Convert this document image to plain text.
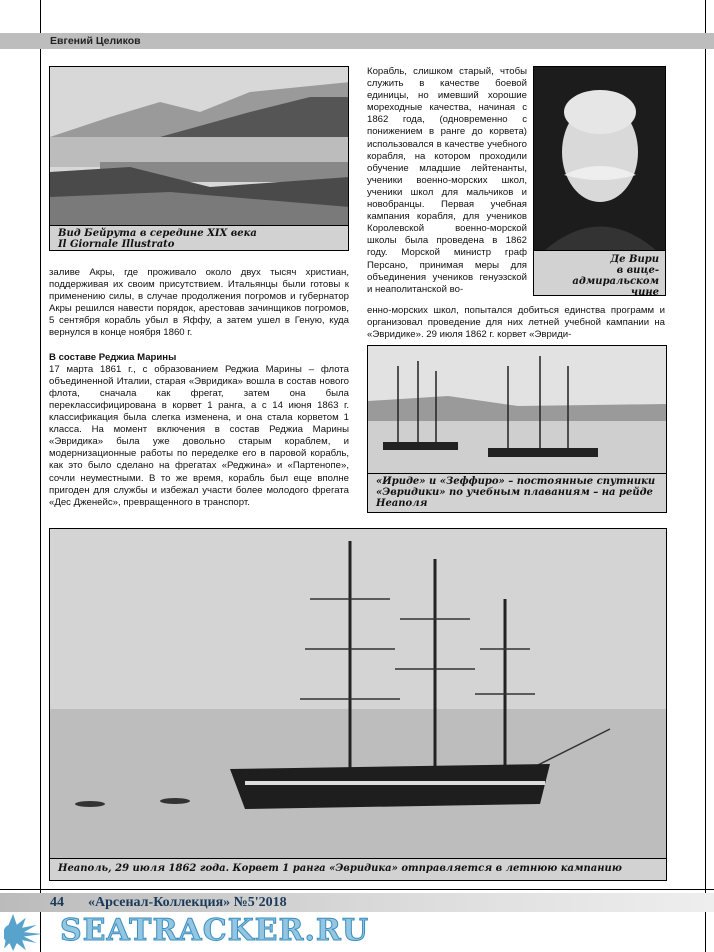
Евгений Целиков
Вид Бейрута в середине XIX века
Il Giornale Illustrato
Де Вири
в вице-адмиральском
чине

Корабль, слишком старый, чтобы служить в качестве боевой единицы, но имевший хорошие мореходные качества, начиная с 1862 года, (одновременно с понижением в ранге до корвета) использовался в качестве учебного корабля, на котором проходили обучение младшие лейтенанты, ученики военно-морских школ, ученики школ для мальчиков и новобранцы. Первая учебная кампания корабля, для учеников Королевской военно-морской школы была проведена в 1862 году. Морской министр граф Персано, принимая меры для объединения учеников генуэзской и неаполитанской во-

енно-морских школ, попытался добиться единства программ и организовал проведение для них летней учебной кампании на «Эвридике». 29 июля 1862 г. корвет «Эвриди-

заливе Акры, где проживало около двух тысяч христиан, поддерживая их своим присутствием. Итальянцы были готовы к применению силы, в случае продолжения погромов и губернатор Акры решился навести порядок, арестовав зачинщиков погромов, 5 сентября корабль убыл в Яффу, а затем ушел в Геную, куда вернулся в конце ноября 1860 г.

В составе Реджиа Марины

17 марта 1861 г., с образованием Реджиа Марины – флота объединенной Италии, старая «Эвридика» вошла в состав нового флота, сначала как фрегат, затем она была переклассифицирована в корвет 1 ранга, а с 14 июня 1863 г. классификация была слегка изменена, и она стала корветом 1 класса. На момент включения в состав Реджиа Марины «Эвридика» была уже довольно старым кораблем, и модернизационные работы по переделке его в паровой корабль, как это было сделано на фрегатах «Реджина» и «Партенопе», сочли неуместными. В то же время, корабль был еще вполне пригоден для службы и избежал участи более молодого фрегата «Дес Дженейс», превращенного в транспорт.

«Ириде» и «Зеффиро» – постоянные спутники «Эвридики» по учебным плаваниям – на рейде Неаполя
Неаполь, 29 июля 1862 года. Корвет 1 ранга «Эвридика» отправляется в летнюю кампанию
44 «Арсенал-Коллекция» №5'2018
SEATRACKER.RU
